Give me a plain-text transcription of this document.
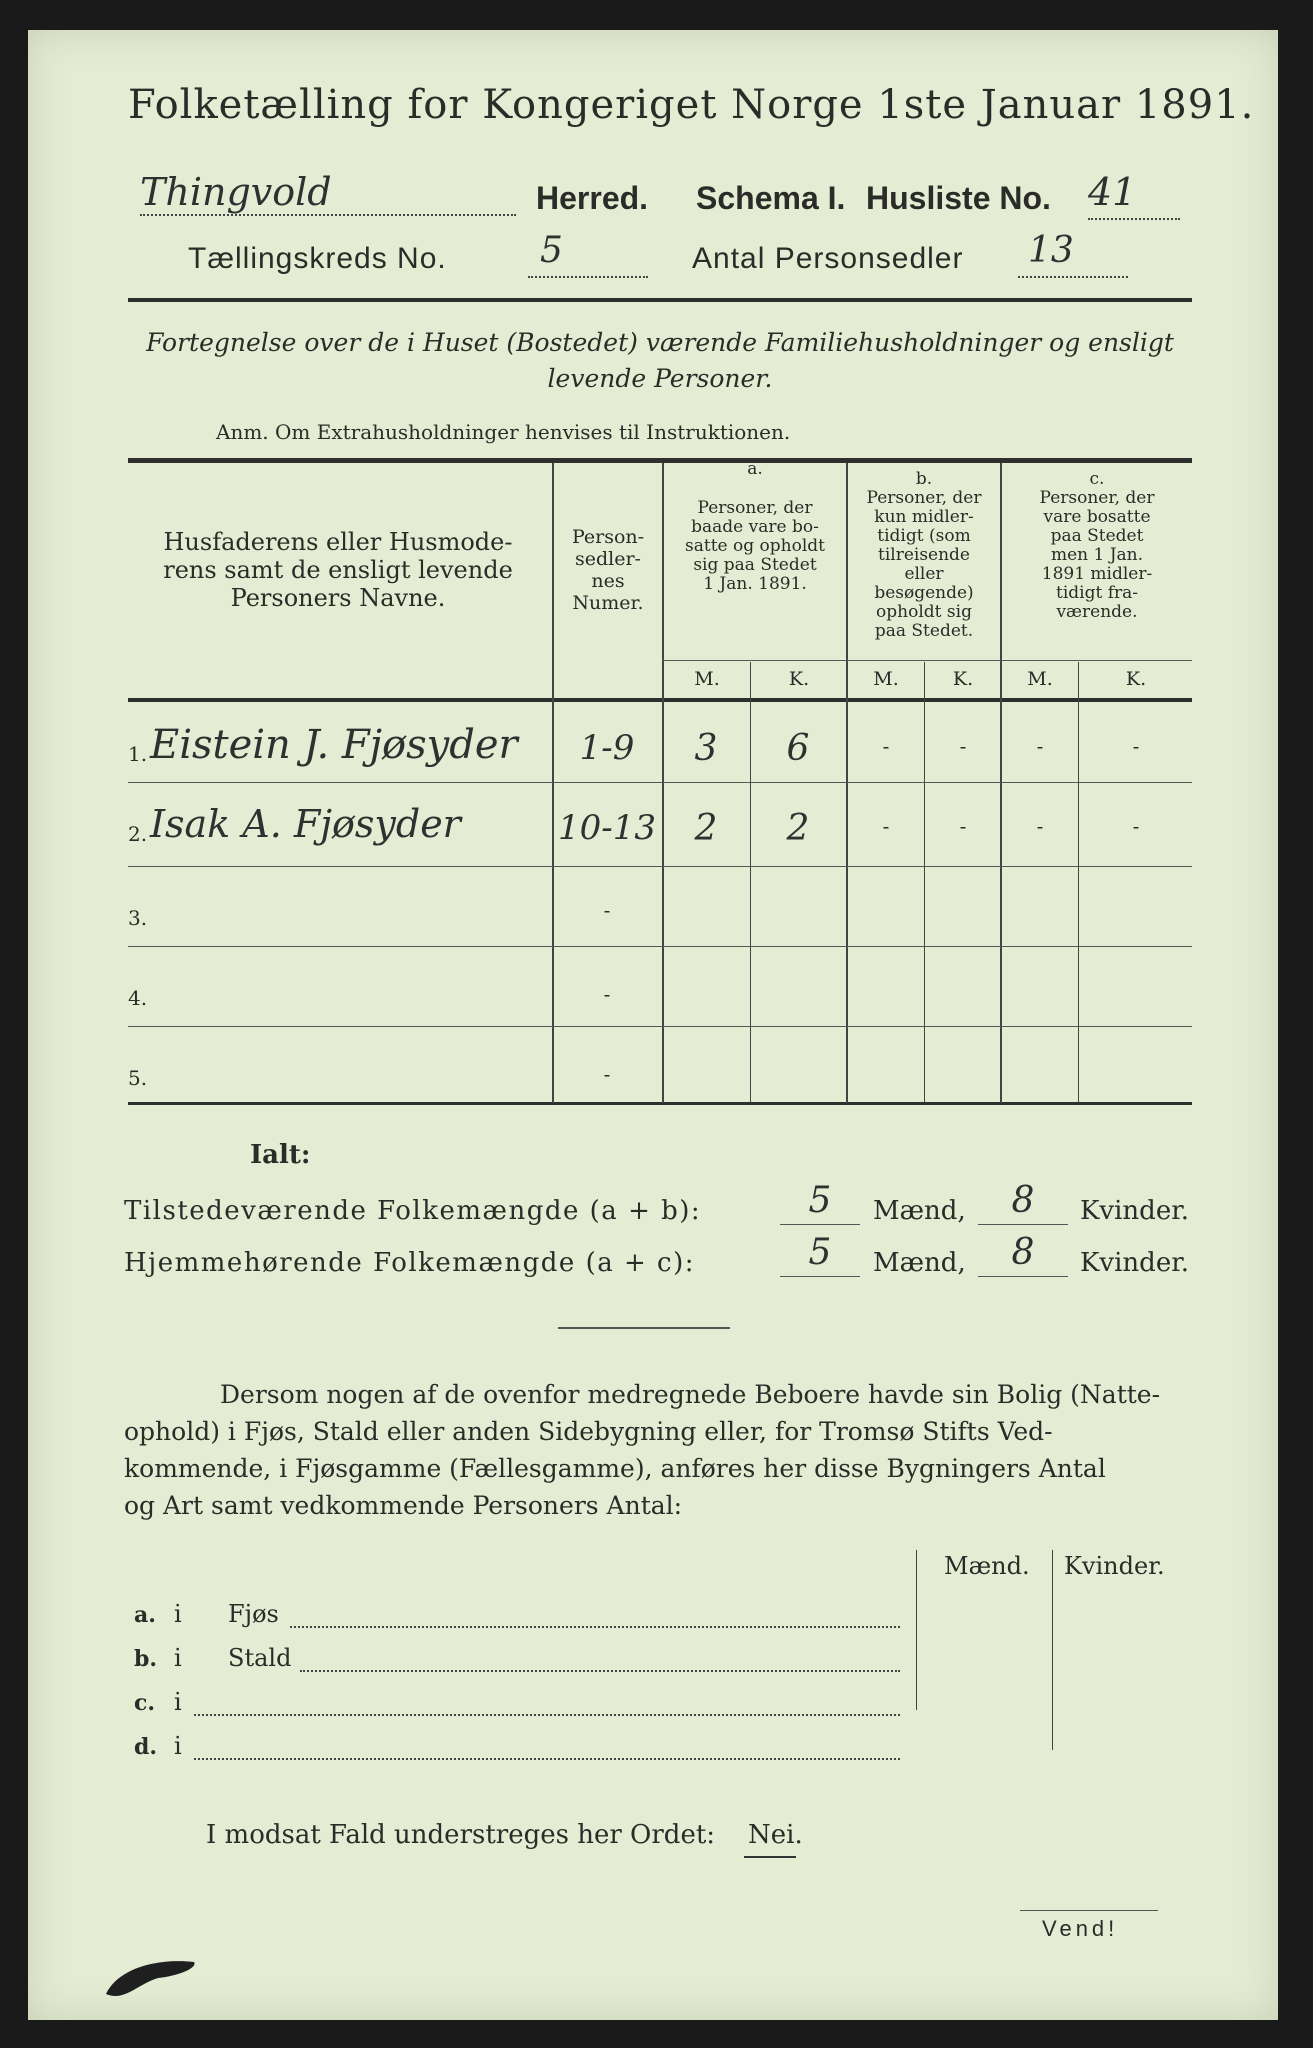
Folketælling for Kongeriget Norge 1ste Januar 1891.
Thingvold	Herred. Schema I. Husliste No. 41
Tællingskreds No.	5	Antal Personsedler 13
Fortegnelse over de i Huset (Bostedet) værende Familiehusholdninger og ensligt
levende Personer.
Anm. Om Extrahusholdninger henvises til Instruktionen.
Husfaderens eller Husmode-
rens samt de ensligt levende
Personers Navne.
Person-
sedler-
nes
Numer.
a.
Personer, der
baade vare bo-
satte og opholdt
sig paa Stedet
1 Jan. 1891.
b.
Personer, der
kun midler-
tidigt (som
tilreisende
eller
besøgende)
opholdt sig
paa Stedet.
c.
Personer, der
vare bosatte
paa Stedet
men 1 Jan.
1891 midler-
tidigt fra-
værende.
M.	K.	M.	K.	M.	K.
1. Eistein J. Fjøsyder	1-9	3	6	-	-	-	-
2. Isak A. Fjøsyder	10-13	2	2	-	-	-	-
3.	-
4.	-
5.	-
Ialt:
Tilstedeværende Folkemængde (a + b):	5	Mænd,	8	Kvinder.
Hjemmehørende Folkemængde (a + c):	5	Mænd,	8	Kvinder.
Dersom nogen af de ovenfor medregnede Beboere havde sin Bolig (Natte-
ophold) i Fjøs, Stald eller anden Sidebygning eller, for Tromsø Stifts Ved-
kommende, i Fjøsgamme (Fællesgamme), anføres her disse Bygningers Antal
og Art samt vedkommende Personers Antal:
Mænd. Kvinder.
a. i Fjøs
b. i Stald
c. i
d. i
I modsat Fald understreges her Ordet: Nei.
Vend!
